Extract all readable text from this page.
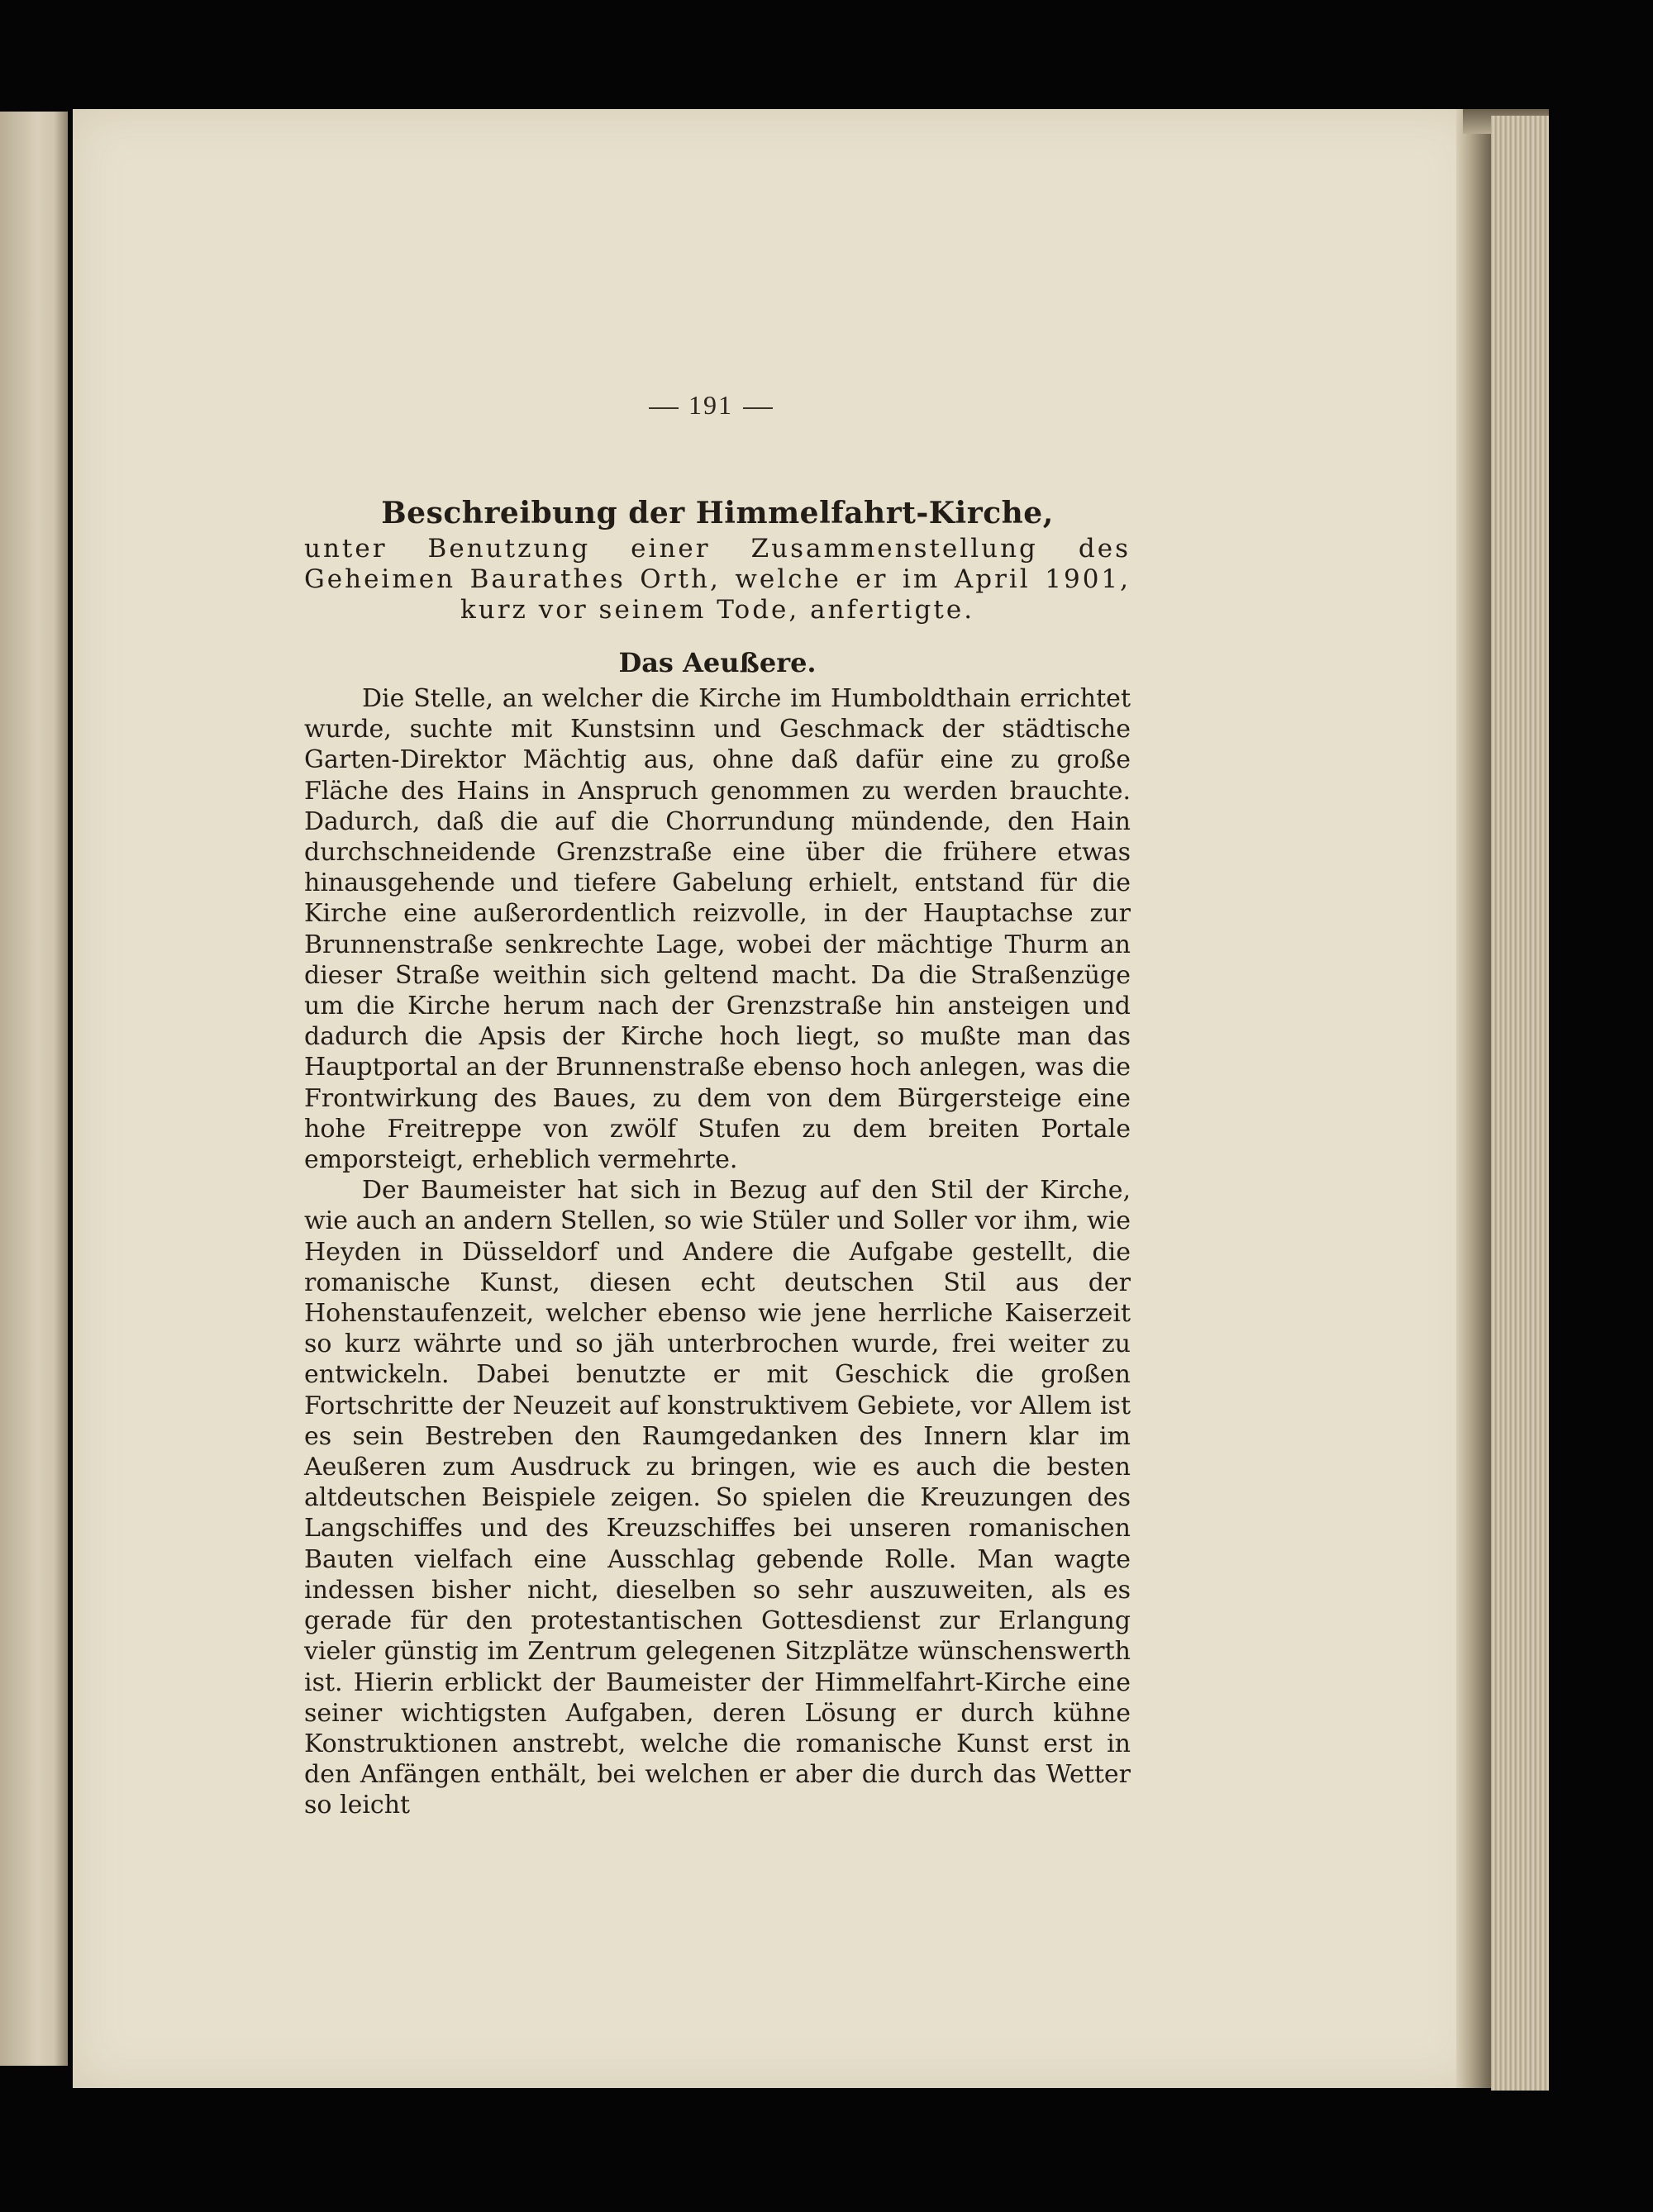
191
Beschreibung der Himmelfahrt-Kirche,

unter Benutzung einer Zusammenstellung des Geheimen Baurathes Orth, welche er im April 1901, kurz vor seinem Tode, anfertigte.

Das Aeußere.

Die Stelle, an welcher die Kirche im Humboldthain errichtet wurde, suchte mit Kunstsinn und Geschmack der städtische Garten-Direktor Mächtig aus, ohne daß dafür eine zu große Fläche des Hains in Anspruch genommen zu werden brauchte. Dadurch, daß die auf die Chorrundung mündende, den Hain durchschneidende Grenzstraße eine über die frühere etwas hinausgehende und tiefere Gabelung erhielt, entstand für die Kirche eine außerordentlich reizvolle, in der Hauptachse zur Brunnenstraße senkrechte Lage, wobei der mächtige Thurm an dieser Straße weithin sich geltend macht. Da die Straßenzüge um die Kirche herum nach der Grenzstraße hin ansteigen und dadurch die Apsis der Kirche hoch liegt, so mußte man das Hauptportal an der Brunnenstraße ebenso hoch anlegen, was die Frontwirkung des Baues, zu dem von dem Bürgersteige eine hohe Freitreppe von zwölf Stufen zu dem breiten Portale emporsteigt, erheblich vermehrte.

Der Baumeister hat sich in Bezug auf den Stil der Kirche, wie auch an andern Stellen, so wie Stüler und Soller vor ihm, wie Heyden in Düsseldorf und Andere die Aufgabe gestellt, die romanische Kunst, diesen echt deutschen Stil aus der Hohenstaufenzeit, welcher ebenso wie jene herrliche Kaiserzeit so kurz währte und so jäh unterbrochen wurde, frei weiter zu entwickeln. Dabei benutzte er mit Geschick die großen Fortschritte der Neuzeit auf konstruktivem Gebiete, vor Allem ist es sein Bestreben den Raumgedanken des Innern klar im Aeußeren zum Ausdruck zu bringen, wie es auch die besten altdeutschen Beispiele zeigen. So spielen die Kreuzungen des Langschiffes und des Kreuzschiffes bei unseren romanischen Bauten vielfach eine Ausschlag gebende Rolle. Man wagte indessen bisher nicht, dieselben so sehr auszuweiten, als es gerade für den protestantischen Gottesdienst zur Erlangung vieler günstig im Zentrum gelegenen Sitzplätze wünschenswerth ist. Hierin erblickt der Baumeister der Himmelfahrt-Kirche eine seiner wichtigsten Aufgaben, deren Lösung er durch kühne Konstruktionen anstrebt, welche die romanische Kunst erst in den Anfängen enthält, bei welchen er aber die durch das Wetter so leicht
